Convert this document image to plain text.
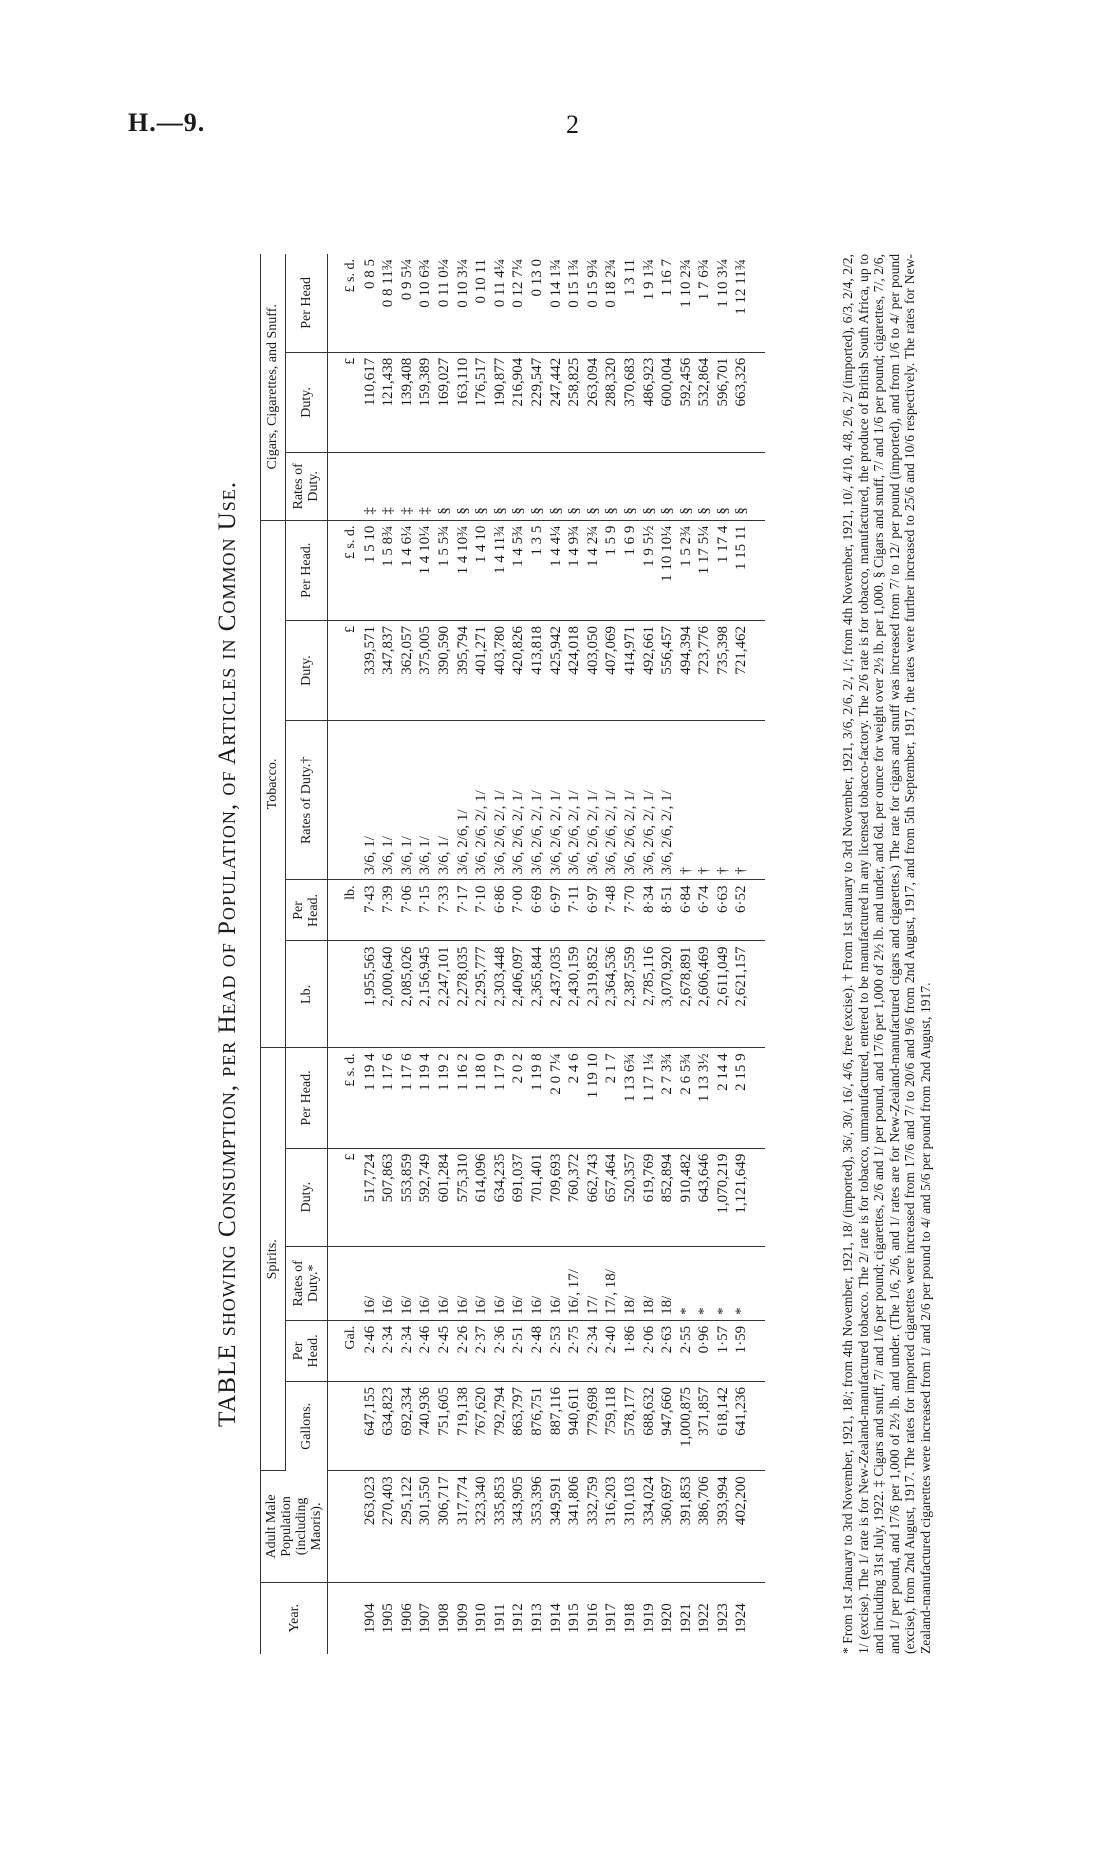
H.—9.	2
TABLE showing Consumption, per Head of Population, of Articles in Common Use.
Year.	Adult Male Population (including Maoris).	Spirits.					Tobacco.					Cigars, Cigarettes, and Snuff.		
		Gallons.	Per Head.	Rates of Duty.*	Duty.	Per Head.	Lb.	Per Head.	Rates of Duty.†	Duty.	Per Head.	Rates of Duty.	Duty.	Per Head
			Gal.		£	£ s. d.		lb.		£	£ s. d.		£	£ s. d.
1904	263,023	647,155	2·46	16/	517,724	1 19 4	1,955,563	7·43	3/6, 1/	339,571	1 5 10	‡	110,617	0 8 5
1905	270,403	634,823	2·34	16/	507,863	1 17 6	2,000,640	7·39	3/6, 1/	347,837	1 5 8¾	‡	121,438	0 8 11¾
1906	295,122	692,334	2·34	16/	553,859	1 17 6	2,085,026	7·06	3/6, 1/	362,057	1 4 6¼	‡	139,408	0 9 5¼
1907	301,550	740,936	2·46	16/	592,749	1 19 4	2,156,945	7·15	3/6, 1/	375,005	1 4 10¼	‡	159,389	0 10 6¾
1908	306,717	751,605	2·45	16/	601,284	1 19 2	2,247,101	7·33	3/6, 1/	390,590	1 5 5¾	§	169,027	0 11 0¼
1909	317,774	719,138	2·26	16/	575,310	1 16 2	2,278,035	7·17	3/6, 2/6, 1/	395,794	1 4 10¾	§	163,110	0 10 3¼
1910	323,340	767,620	2·37	16/	614,096	1 18 0	2,295,777	7·10	3/6, 2/6, 2/, 1/	401,271	1 4 10	§	176,517	0 10 11
1911	335,853	792,794	2·36	16/	634,235	1 17 9	2,303,448	6·86	3/6, 2/6, 2/, 1/	403,780	1 4 11¾	§	190,877	0 11 4¼
1912	343,905	863,797	2·51	16/	691,037	2 0 2	2,406,097	7·00	3/6, 2/6, 2/, 1/	420,826	1 4 5¾	§	216,904	0 12 7¼
1913	353,396	876,751	2·48	16/	701,401	1 19 8	2,365,844	6·69	3/6, 2/6, 2/, 1/	413,818	1 3 5	§	229,547	0 13 0
1914	349,591	887,116	2·53	16/	709,693	2 0 7¼	2,437,035	6·97	3/6, 2/6, 2/, 1/	425,942	1 4 4¼	§	247,442	0 14 1¾
1915	341,806	940,611	2·75	16/, 17/	760,372	2 4 6	2,430,159	7·11	3/6, 2/6, 2/, 1/	424,018	1 4 9¾	§	258,825	0 15 1¾
1916	332,759	779,698	2·34	17/	662,743	1 19 10	2,319,852	6·97	3/6, 2/6, 2/, 1/	403,050	1 4 2¾	§	263,094	0 15 9¾
1917	316,203	759,118	2·40	17/, 18/	657,464	2 1 7	2,364,536	7·48	3/6, 2/6, 2/, 1/	407,069	1 5 9	§	288,320	0 18 2¾
1918	310,103	578,177	1·86	18/	520,357	1 13 6¾	2,387,559	7·70	3/6, 2/6, 2/, 1/	414,971	1 6 9	§	370,683	1 3 11
1919	334,024	688,632	2·06	18/	619,769	1 17 1¼	2,785,116	8·34	3/6, 2/6, 2/, 1/	492,661	1 9 5½	§	486,923	1 9 1¾
1920	360,697	947,660	2·63	18/	852,894	2 7 3¾	3,070,920	8·51	3/6, 2/6, 2/, 1/	556,457	1 10 10¼	§	600,004	1 16 7
1921	391,853	1,000,875	2·55	*	910,482	2 6 5¾	2,678,891	6·84	†	494,394	1 5 2¾	§	592,456	1 10 2¾
1922	386,706	371,857	0·96	*	643,646	1 13 3½	2,606,469	6·74	†	723,776	1 17 5¼	§	532,864	1 7 6¾
1923	393,994	618,142	1·57	*	1,070,219	2 14 4	2,611,049	6·63	†	735,398	1 17 4	§	596,701	1 10 3¼
1924	402,200	641,236	1·59	*	1,121,649	2 15 9	2,621,157	6·52	†	721,462	1 15 11	§	663,326	1 12 11¾	* From 1st January to 3rd November, 1921, 18/; from 4th November, 1921, 18/ (imported), 36/, 30/, 16/, 4/6, free (excise). † From 1st January to 3rd November, 1921, 3/6, 2/6, 2/, 1/; from 4th November, 1921, 10/, 4/10, 4/8, 2/6, 2/ (imported), 6/3, 2/4, 2/2, 1/ (excise). The 1/ rate is for New-Zealand-manufactured tobacco. The 2/ rate is for tobacco, unmanufactured, entered to be manufactured in any licensed tobacco-factory. The 2/6 rate is for tobacco, manufactured, the produce of British South Africa, up to and including 31st July, 1922. ‡ Cigars and snuff, 7/ and 1/6 per pound; cigarettes, 2/6 and 1/ per pound, and 17/6 per 1,000 of 2½ lb. and under, and 6d. per ounce for weight over 2½ lb. per 1,000. § Cigars and snuff, 7/ and 1/6 per pound; cigarettes, 7/, 2/6, and 1/ per pound, and 17/6 per 1,000 of 2½ lb. and under. (The 1/6, 2/6, and 1/ rates are for New-Zealand-manufactured cigars and cigarettes.) The rate for cigars and snuff was increased from 7/ to 12/ per pound (imported), and from 1/6 to 4/ per pound (excise), from 2nd August, 1917. The rates for imported cigarettes were increased from 17/6 and 7/ to 20/6 and 9/6 from 2nd August, 1917, and from 5th September, 1917, the rates were further increased to 25/6 and 10/6 respectively. The rates for New-Zealand-manufactured cigarettes were increased from 1/ and 2/6 per pound to 4/ and 5/6 per pound from 2nd August, 1917.
